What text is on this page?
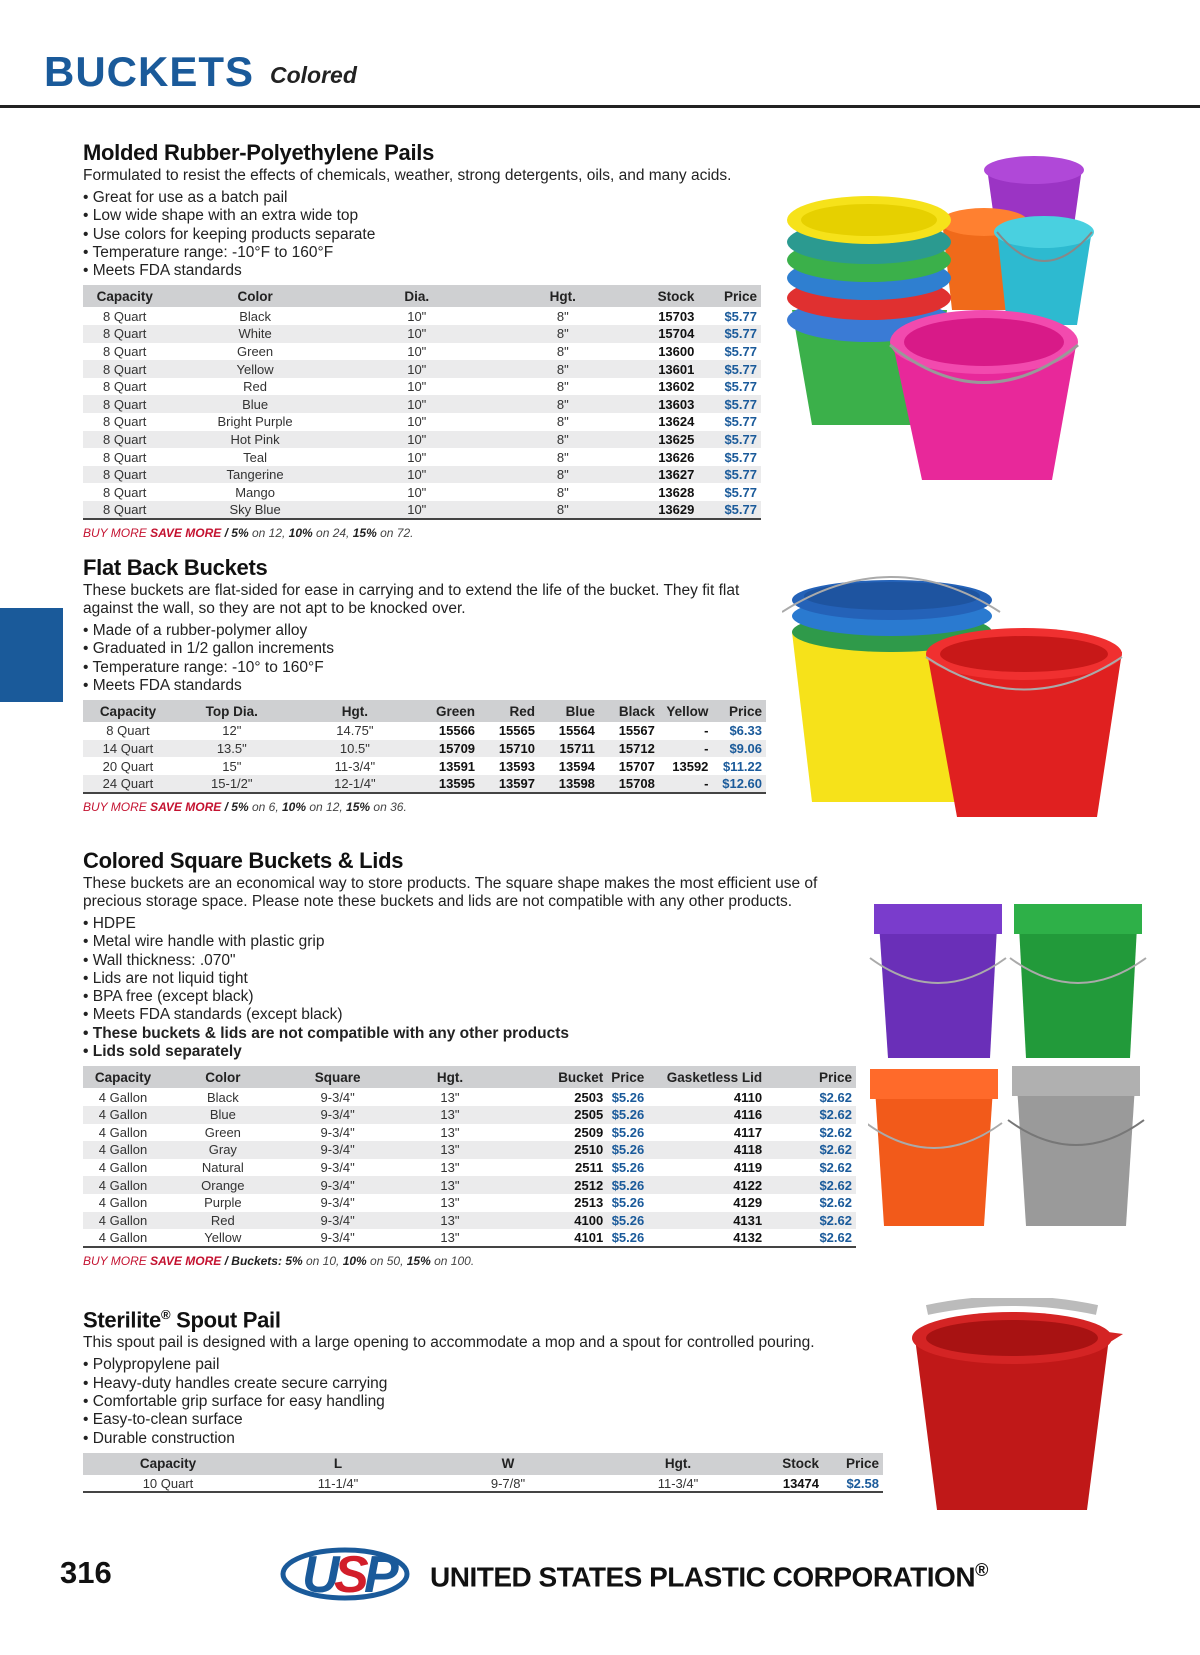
BUCKETS Colored
Molded Rubber-Polyethylene Pails
Formulated to resist the effects of chemicals, weather, strong detergents, oils, and many acids.
• Great for use as a batch pail
• Low wide shape with an extra wide top
• Use colors for keeping products separate
• Temperature range: -10°F to 160°F
• Meets FDA standards
Capacity	Color	Dia.	Hgt.	Stock	Price
8 Quart	Black	10"	8"	15703	$5.77
8 Quart	White	10"	8"	15704	$5.77
8 Quart	Green	10"	8"	13600	$5.77
8 Quart	Yellow	10"	8"	13601	$5.77
8 Quart	Red	10"	8"	13602	$5.77
8 Quart	Blue	10"	8"	13603	$5.77
8 Quart	Bright Purple	10"	8"	13624	$5.77
8 Quart	Hot Pink	10"	8"	13625	$5.77
8 Quart	Teal	10"	8"	13626	$5.77
8 Quart	Tangerine	10"	8"	13627	$5.77
8 Quart	Mango	10"	8"	13628	$5.77
8 Quart	Sky Blue	10"	8"	13629	$5.77
BUY MORE SAVE MORE / 5% on 12, 10% on 24, 15% on 72.
Flat Back Buckets
These buckets are flat-sided for ease in carrying and to extend the life of the bucket. They fit flat against the wall, so they are not apt to be knocked over.
• Made of a rubber-polymer alloy
• Graduated in 1/2 gallon increments
• Temperature range: -10° to 160°F
• Meets FDA standards
Capacity	Top Dia.	Hgt.	Green	Red	Blue	Black	Yellow	Price
8 Quart	12"	14.75"	15566	15565	15564	15567	-	$6.33
14 Quart	13.5"	10.5"	15709	15710	15711	15712	-	$9.06
20 Quart	15"	11-3/4"	13591	13593	13594	15707	13592	$11.22
24 Quart	15-1/2"	12-1/4"	13595	13597	13598	15708	-	$12.60
BUY MORE SAVE MORE / 5% on 6, 10% on 12, 15% on 36.
Colored Square Buckets & Lids
These buckets are an economical way to store products. The square shape makes the most efficient use of precious storage space. Please note these buckets and lids are not compatible with any other products.
• HDPE
• Metal wire handle with plastic grip
• Wall thickness: .070"
• Lids are not liquid tight
• BPA free (except black)
• Meets FDA standards (except black)
• These buckets & lids are not compatible with any other products
• Lids sold separately
Capacity	Color	Square	Hgt.	Bucket	Price	Gasketless Lid	Price
4 Gallon	Black	9-3/4"	13"	2503	$5.26	4110	$2.62
4 Gallon	Blue	9-3/4"	13"	2505	$5.26	4116	$2.62
4 Gallon	Green	9-3/4"	13"	2509	$5.26	4117	$2.62
4 Gallon	Gray	9-3/4"	13"	2510	$5.26	4118	$2.62
4 Gallon	Natural	9-3/4"	13"	2511	$5.26	4119	$2.62
4 Gallon	Orange	9-3/4"	13"	2512	$5.26	4122	$2.62
4 Gallon	Purple	9-3/4"	13"	2513	$5.26	4129	$2.62
4 Gallon	Red	9-3/4"	13"	4100	$5.26	4131	$2.62
4 Gallon	Yellow	9-3/4"	13"	4101	$5.26	4132	$2.62
BUY MORE SAVE MORE / Buckets: 5% on 10, 10% on 50, 15% on 100.
Sterilite® Spout Pail
This spout pail is designed with a large opening to accommodate a mop and a spout for controlled pouring.
• Polypropylene pail
• Heavy-duty handles create secure carrying
• Comfortable grip surface for easy handling
• Easy-to-clean surface
• Durable construction
Capacity	L	W	Hgt.	Stock	Price
10 Quart	11-1/4"	9-7/8"	11-3/4"	13474	$2.58
316	U
S
P UNITED STATES PLASTIC CORPORATION®
